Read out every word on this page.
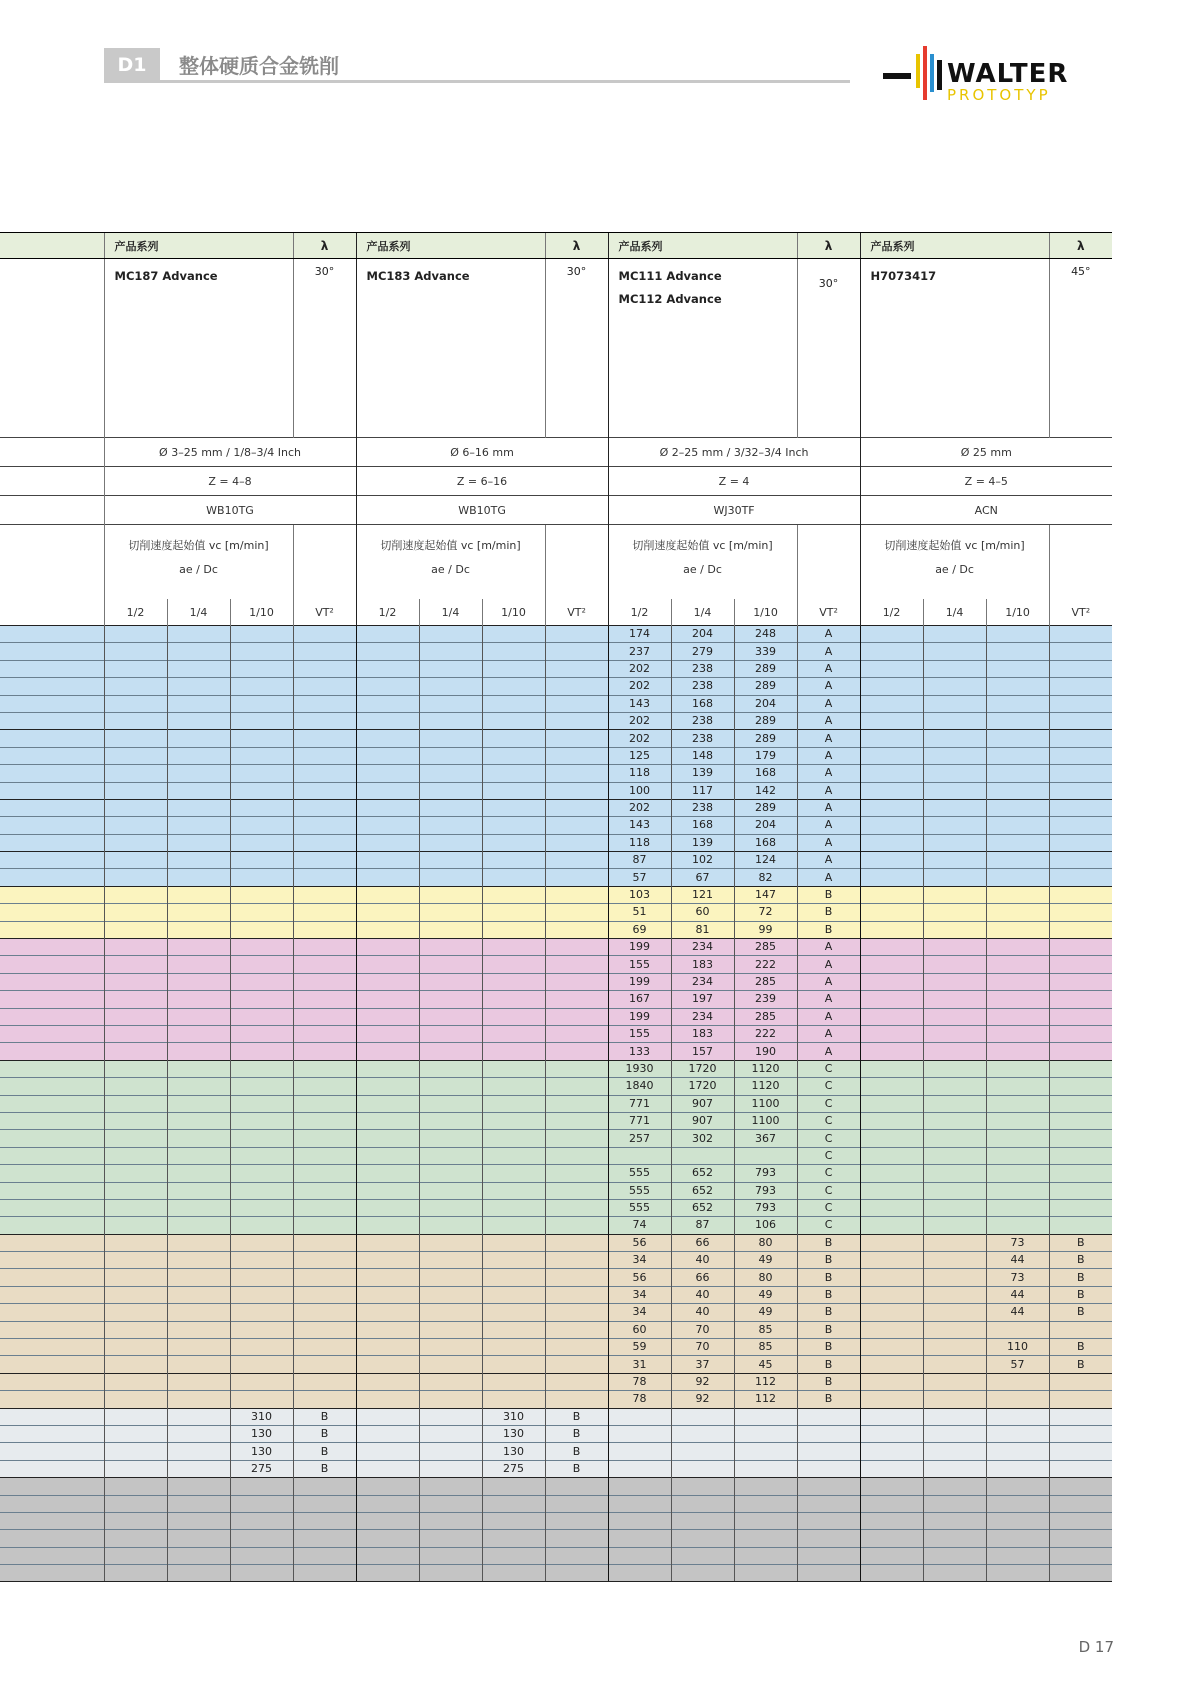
D1	整体硬质合金铣削	WALTER
PROTOTYP
	产品系列			λ	产品系列			λ	产品系列			λ	产品系列			λ

	MC187 Advance			30°	MC183 Advance			30°	MC111 Advance
MC112 Advance			30°	H7073417			45°
	Ø 3–25 mm / 1/8–3/4 Inch				Ø 6–16 mm				Ø 2–25 mm / 3/32–3/4 Inch				Ø 25 mm			
	Z = 4–8				Z = 6–16				Z = 4				Z = 4–5			
	WB10TG				WB10TG				WJ30TF				ACN			

	切削速度起始值 vc [m/min]
ae / Dc				切削速度起始值 vc [m/min]
ae / Dc				切削速度起始值 vc [m/min]
ae / Dc				切削速度起始值 vc [m/min]
ae / Dc			

	1/2	1/4	1/10	VT²	1/2	1/4	1/10	VT²	1/2	1/4	1/10	VT²	1/2	1/4	1/10	VT²
									174	204	248	A				
									237	279	339	A				
									202	238	289	A				
									202	238	289	A				
									143	168	204	A				
									202	238	289	A				
									202	238	289	A				
									125	148	179	A				
									118	139	168	A				
									100	117	142	A				
									202	238	289	A				
									143	168	204	A				
									118	139	168	A				
									87	102	124	A				
									57	67	82	A				
									103	121	147	B				
									51	60	72	B				
									69	81	99	B				
									199	234	285	A				
									155	183	222	A				
									199	234	285	A				
									167	197	239	A				
									199	234	285	A				
									155	183	222	A				
									133	157	190	A				
									1930	1720	1120	C				
									1840	1720	1120	C				
									771	907	1100	C				
									771	907	1100	C				
									257	302	367	C				
												C				
									555	652	793	C				
									555	652	793	C				
									555	652	793	C				
									74	87	106	C				
									56	66	80	B			73	B
									34	40	49	B			44	B
									56	66	80	B			73	B
									34	40	49	B			44	B
									34	40	49	B			44	B
									60	70	85	B				
									59	70	85	B			110	B
									31	37	45	B			57	B
									78	92	112	B				
									78	92	112	B				
			310	B			310	B								
			130	B			130	B								
			130	B			130	B								
			275	B			275	B								

D 17
